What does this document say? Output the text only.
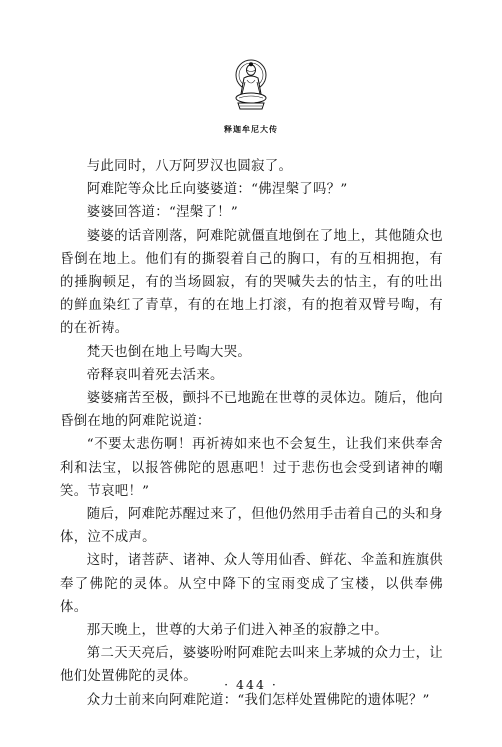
释迦牟尼大传

与此同时，八万阿罗汉也圆寂了。

阿难陀等众比丘向婆婆道：“佛涅槃了吗？”

婆婆回答道：“涅槃了！”

婆婆的话音刚落，阿难陀就僵直地倒在了地上，其他随众也昏倒在地上。他们有的撕裂着自己的胸口，有的互相拥抱，有的捶胸顿足，有的当场圆寂，有的哭喊失去的怙主，有的吐出的鲜血染红了青草，有的在地上打滚，有的抱着双臂号啕，有的在祈祷。

梵天也倒在地上号啕大哭。

帝释哀叫着死去活来。

婆婆痛苦至极，颤抖不已地跪在世尊的灵体边。随后，他向昏倒在地的阿难陀说道：

“不要太悲伤啊！再祈祷如来也不会复生，让我们来供奉舍利和法宝，以报答佛陀的恩惠吧！过于悲伤也会受到诸神的嘲笑。节哀吧！”

随后，阿难陀苏醒过来了，但他仍然用手击着自己的头和身体，泣不成声。

这时，诸菩萨、诸神、众人等用仙香、鲜花、伞盖和旌旗供奉了佛陀的灵体。从空中降下的宝雨变成了宝楼，以供奉佛体。

那天晚上，世尊的大弟子们进入神圣的寂静之中。

第二天天亮后，婆婆吩咐阿难陀去叫来上茅城的众力士，让他们处置佛陀的灵体。

众力士前来向阿难陀道：“我们怎样处置佛陀的遗体呢？”

· 444 ·
